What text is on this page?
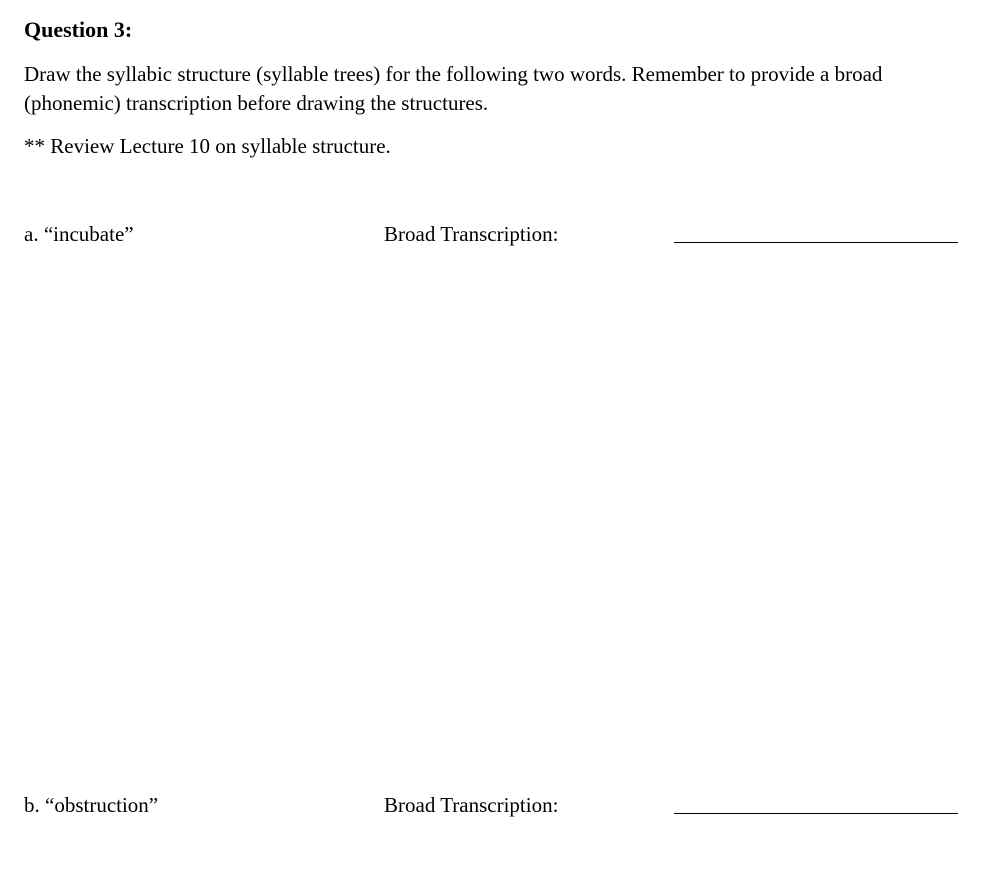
Question 3:
Draw the syllabic structure (syllable trees) for the following two words. Remember to provide a broad (phonemic) transcription before drawing the structures.
** Review Lecture 10 on syllable structure.
a. “incubate”	Broad Transcription:
b. “obstruction”	Broad Transcription:
